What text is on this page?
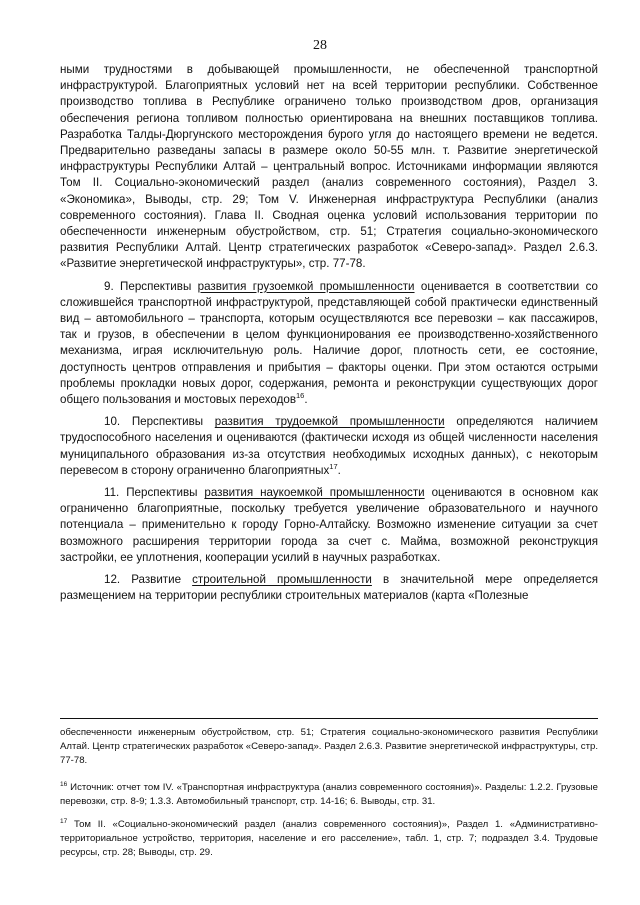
28

ными трудностями в добывающей промышленности, не обеспеченной транспортной инфраструктурой. Благоприятных условий нет на всей территории республики. Собственное производство топлива в Республике ограничено только производством дров, организация обеспечения региона топливом полностью ориентирована на внешних поставщиков топлива. Разработка Талды-Дюргунского месторождения бурого угля до настоящего времени не ведется. Предварительно разведаны запасы в размере около 50-55 млн. т. Развитие энергетической инфраструктуры Республики Алтай – центральный вопрос. Источниками информации являются Том II. Социально-экономический раздел (анализ современного состояния), Раздел 3. «Экономика», Выводы, стр. 29; Том V. Инженерная инфраструктура Республики (анализ современного состояния). Глава II. Сводная оценка условий использования территории по обеспеченности инженерным обустройством, стр. 51; Стратегия социально-экономического развития Республики Алтай. Центр стратегических разработок «Северо-запад». Раздел 2.6.3. «Развитие энергетической инфраструктуры», стр. 77-78.

9. Перспективы развития грузоемкой промышленности оценивается в соответствии со сложившейся транспортной инфраструктурой, представляющей собой практически единственный вид – автомобильного – транспорта, которым осуществляются все перевозки – как пассажиров, так и грузов, в обеспечении в целом функционирования ее производственно-хозяйственного механизма, играя исключительную роль. Наличие дорог, плотность сети, ее состояние, доступность центров отправления и прибытия – факторы оценки. При этом остаются острыми проблемы прокладки новых дорог, содержания, ремонта и реконструкции существующих дорог общего пользования и мостовых переходов$^{16}$.

10. Перспективы развития трудоемкой промышленности определяются наличием трудоспособного населения и оцениваются (фактически исходя из общей численности населения муниципального образования из-за отсутствия необходимых исходных данных), с некоторым перевесом в сторону ограниченно благоприятных$^{17}$.

11. Перспективы развития наукоемкой промышленности оцениваются в основном как ограниченно благоприятные, поскольку требуется увеличение образовательного и научного потенциала – применительно к городу Горно-Алтайску. Возможно изменение ситуации за счет возможного расширения территории города за счет с. Майма, возможной реконструкция застройки, ее уплотнения, кооперации усилий в научных разработках.

12. Развитие строительной промышленности в значительной мере определяется размещением на территории республики строительных материалов (карта «Полезные

обеспеченности инженерным обустройством, стр. 51; Стратегия социально-экономического развития Республики Алтай. Центр стратегических разработок «Северо-запад». Раздел 2.6.3. Развитие энергетической инфраструктуры, стр. 77-78.

$^{16}$ Источник: отчет том IV. «Транспортная инфраструктура (анализ современного состояния)». Разделы: 1.2.2. Грузовые перевозки, стр. 8-9; 1.3.3. Автомобильный транспорт, стр. 14-16; 6. Выводы, стр. 31.

$^{17}$ Том II. «Социально-экономический раздел (анализ современного состояния)», Раздел 1. «Административно-территориальное устройство, территория, население и его расселение», табл. 1, стр. 7; подраздел 3.4. Трудовые ресурсы, стр. 28; Выводы, стр. 29.
